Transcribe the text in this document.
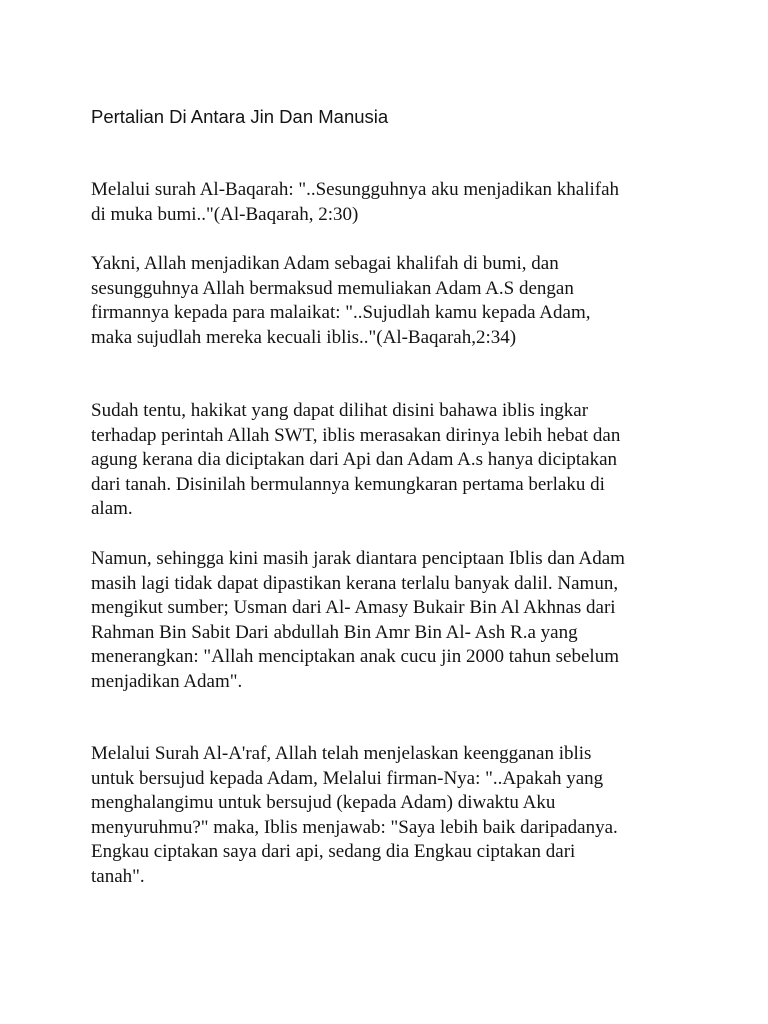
Pertalian Di Antara Jin Dan Manusia

Melalui surah Al-Baqarah: "..Sesungguhnya aku menjadikan khalifah
di muka bumi.."(Al-Baqarah, 2:30)

Yakni, Allah menjadikan Adam sebagai khalifah di bumi, dan
sesungguhnya Allah bermaksud memuliakan Adam A.S dengan
firmannya kepada para malaikat: "..Sujudlah kamu kepada Adam,
maka sujudlah mereka kecuali iblis.."(Al-Baqarah,2:34)

Sudah tentu, hakikat yang dapat dilihat disini bahawa iblis ingkar
terhadap perintah Allah SWT, iblis merasakan dirinya lebih hebat dan
agung kerana dia diciptakan dari Api dan Adam A.s hanya diciptakan
dari tanah. Disinilah bermulannya kemungkaran pertama berlaku di
alam.

Namun, sehingga kini masih jarak diantara penciptaan Iblis dan Adam
masih lagi tidak dapat dipastikan kerana terlalu banyak dalil. Namun,
mengikut sumber; Usman dari Al- Amasy Bukair Bin Al Akhnas dari
Rahman Bin Sabit Dari abdullah Bin Amr Bin Al- Ash R.a yang
menerangkan: "Allah menciptakan anak cucu jin 2000 tahun sebelum
menjadikan Adam".

Melalui Surah Al-A'raf, Allah telah menjelaskan keengganan iblis
untuk bersujud kepada Adam, Melalui firman-Nya: "..Apakah yang
menghalangimu untuk bersujud (kepada Adam) diwaktu Aku
menyuruhmu?" maka, Iblis menjawab: "Saya lebih baik daripadanya.
Engkau ciptakan saya dari api, sedang dia Engkau ciptakan dari
tanah".
